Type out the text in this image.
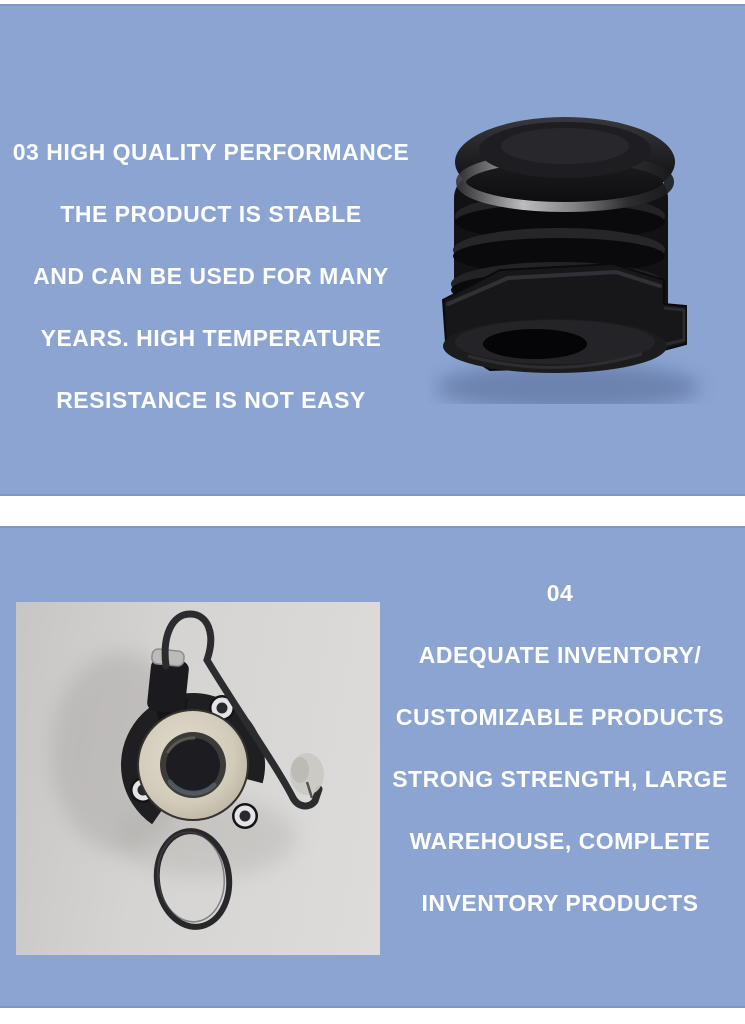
03 HIGH QUALITY PERFORMANCE
THE PRODUCT IS STABLE
AND CAN BE USED FOR MANY
YEARS. HIGH TEMPERATURE
RESISTANCE IS NOT EASY
04
ADEQUATE INVENTORY/
CUSTOMIZABLE PRODUCTS
STRONG STRENGTH, LARGE
WAREHOUSE, COMPLETE
INVENTORY PRODUCTS
